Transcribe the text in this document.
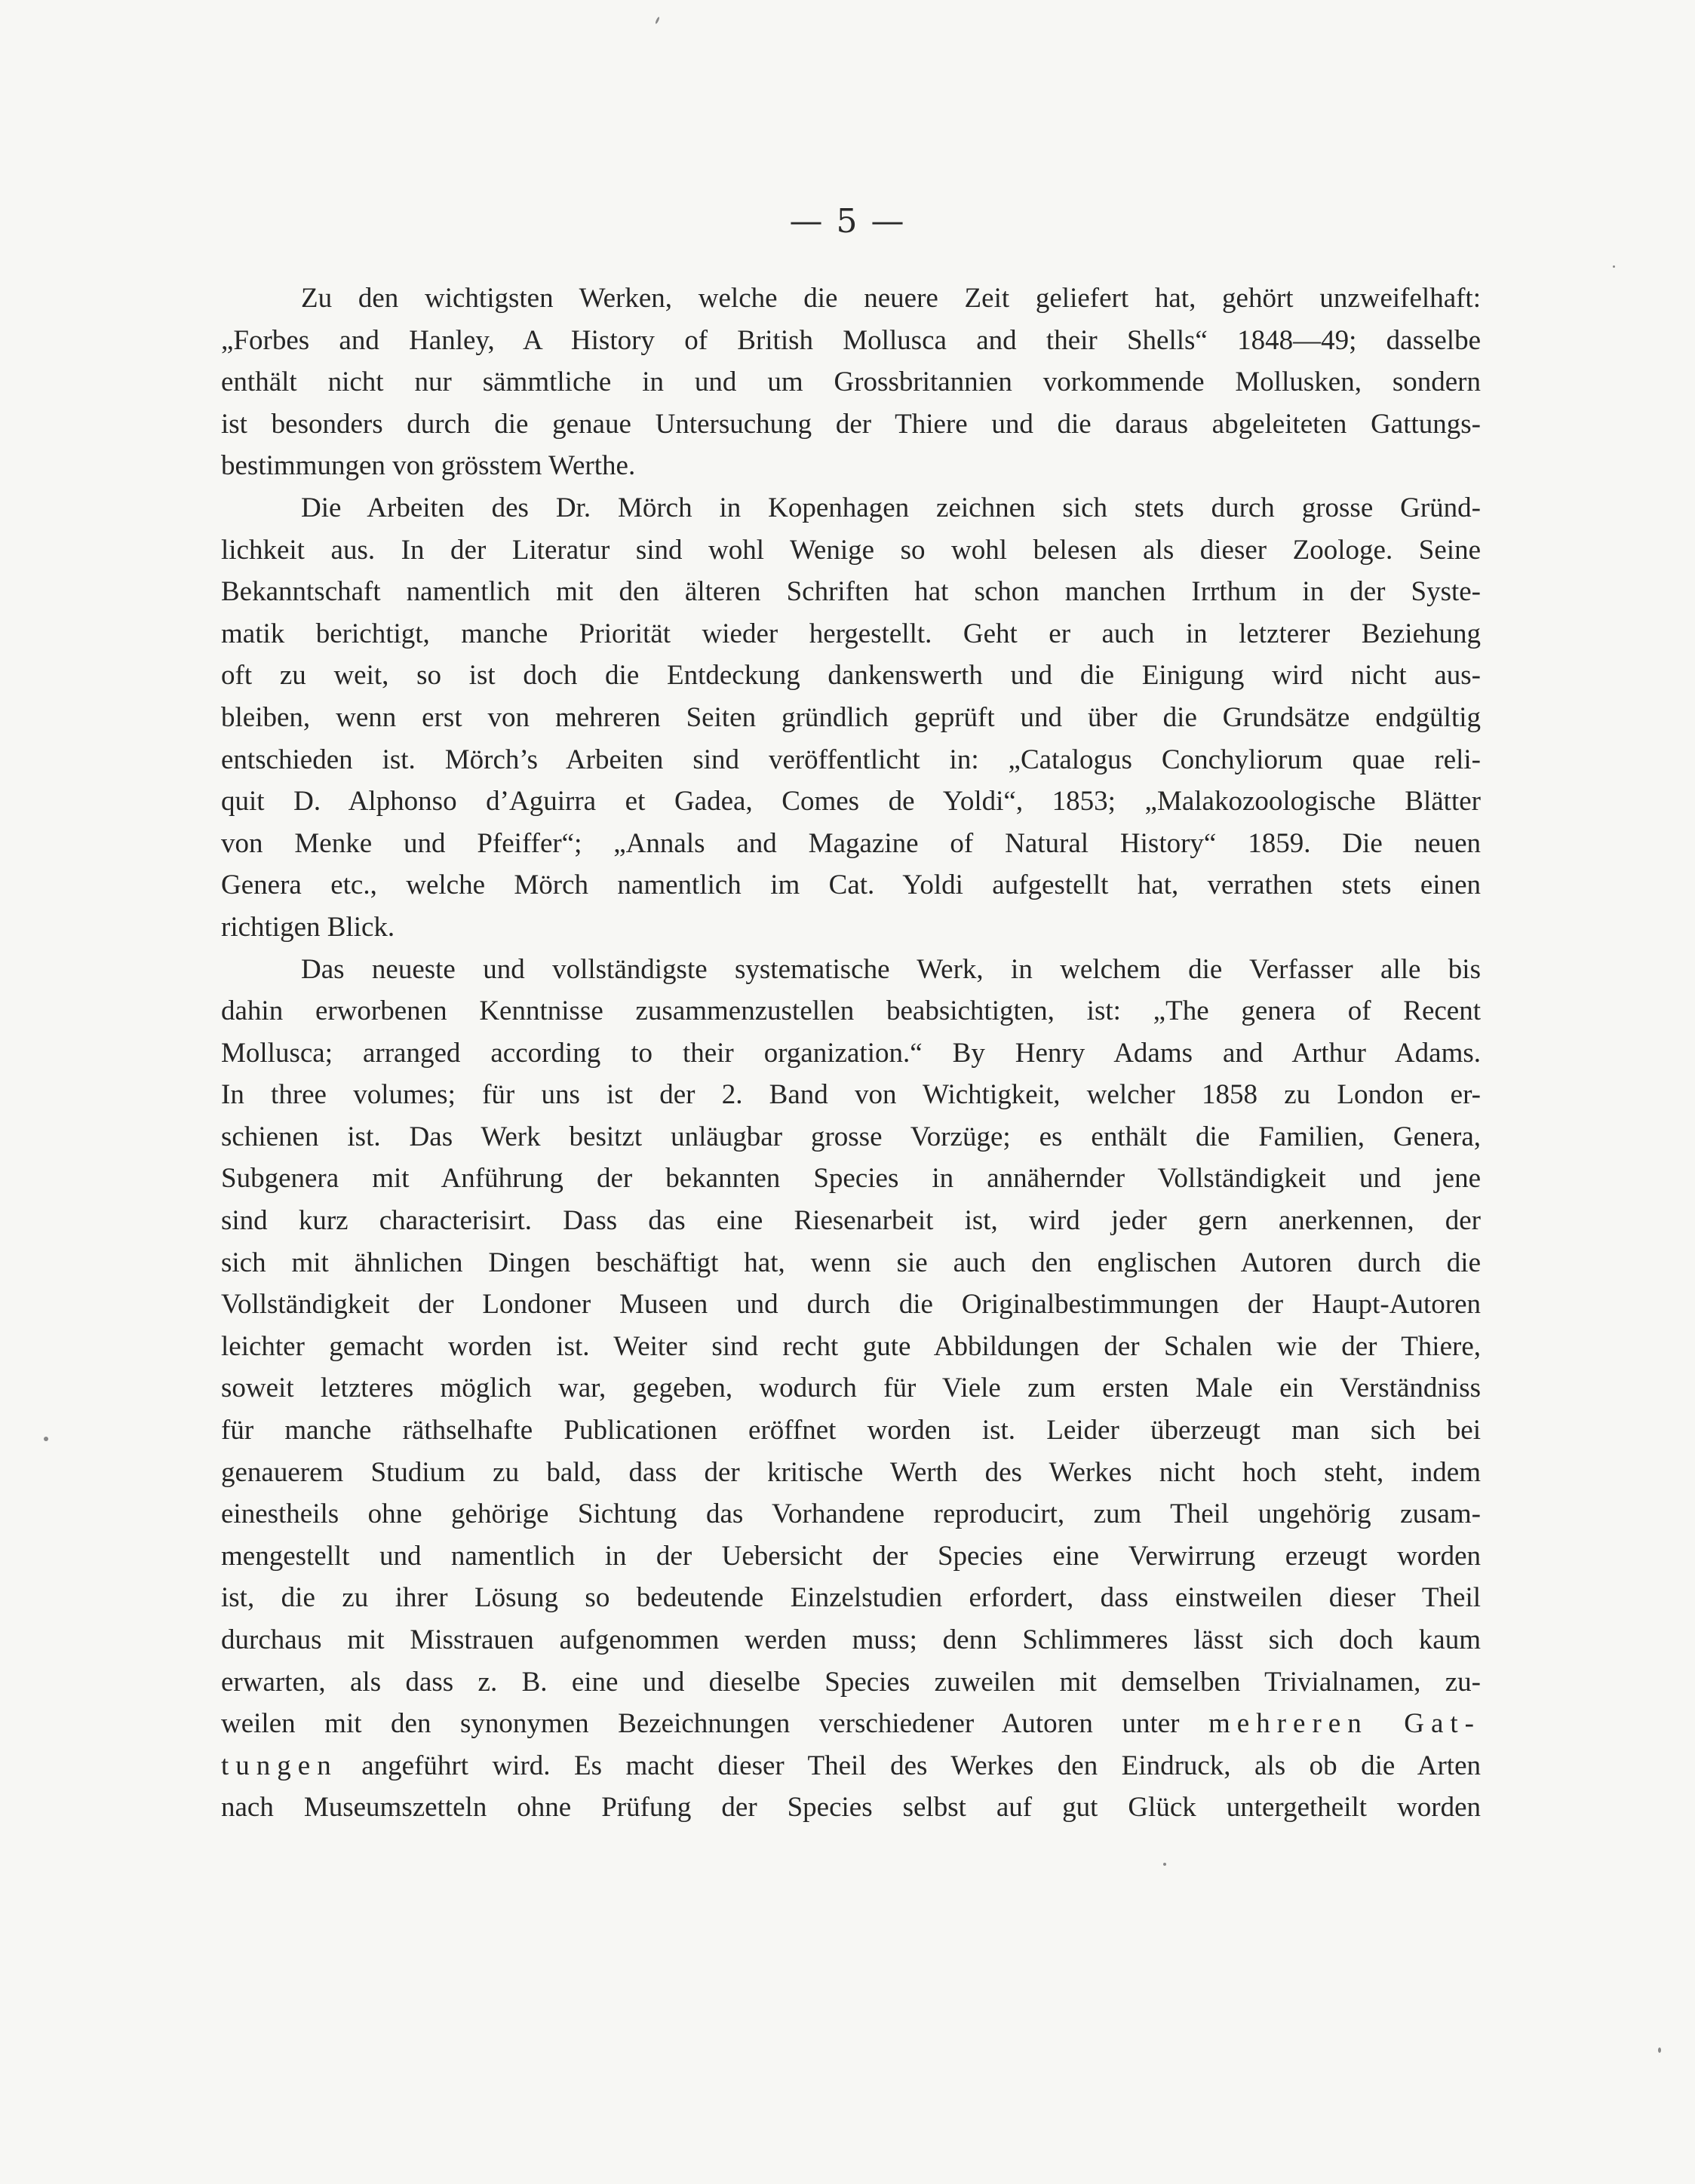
— 5 —
Zu den wichtigsten Werken, welche die neuere Zeit geliefert hat, gehört unzweifelhaft:
„Forbes and Hanley, A History of British Mollusca and their Shells“ 1848—49; dasselbe
enthält nicht nur sämmtliche in und um Grossbritannien vorkommende Mollusken, sondern
ist besonders durch die genaue Untersuchung der Thiere und die daraus abgeleiteten Gattungs-
bestimmungen von grösstem Werthe.
Die Arbeiten des Dr. Mörch in Kopenhagen zeichnen sich stets durch grosse Gründ-
lichkeit aus. In der Literatur sind wohl Wenige so wohl belesen als dieser Zoologe. Seine
Bekanntschaft namentlich mit den älteren Schriften hat schon manchen Irrthum in der Syste-
matik berichtigt, manche Priorität wieder hergestellt. Geht er auch in letzterer Beziehung
oft zu weit, so ist doch die Entdeckung dankenswerth und die Einigung wird nicht aus-
bleiben, wenn erst von mehreren Seiten gründlich geprüft und über die Grundsätze endgültig
entschieden ist. Mörch’s Arbeiten sind veröffentlicht in: „Catalogus Conchyliorum quae reli-
quit D. Alphonso d’Aguirra et Gadea, Comes de Yoldi“, 1853; „Malakozoologische Blätter
von Menke und Pfeiffer“; „Annals and Magazine of Natural History“ 1859. Die neuen
Genera etc., welche Mörch namentlich im Cat. Yoldi aufgestellt hat, verrathen stets einen
richtigen Blick.
Das neueste und vollständigste systematische Werk, in welchem die Verfasser alle bis
dahin erworbenen Kenntnisse zusammenzustellen beabsichtigten, ist: „The genera of Recent
Mollusca; arranged according to their organization.“ By Henry Adams and Arthur Adams.
In three volumes; für uns ist der 2. Band von Wichtigkeit, welcher 1858 zu London er-
schienen ist. Das Werk besitzt unläugbar grosse Vorzüge; es enthält die Familien, Genera,
Subgenera mit Anführung der bekannten Species in annähernder Vollständigkeit und jene
sind kurz characterisirt. Dass das eine Riesenarbeit ist, wird jeder gern anerkennen, der
sich mit ähnlichen Dingen beschäftigt hat, wenn sie auch den englischen Autoren durch die
Vollständigkeit der Londoner Museen und durch die Originalbestimmungen der Haupt-Autoren
leichter gemacht worden ist. Weiter sind recht gute Abbildungen der Schalen wie der Thiere,
soweit letzteres möglich war, gegeben, wodurch für Viele zum ersten Male ein Verständniss
für manche räthselhafte Publicationen eröffnet worden ist. Leider überzeugt man sich bei
genauerem Studium zu bald, dass der kritische Werth des Werkes nicht hoch steht, indem
einestheils ohne gehörige Sichtung das Vorhandene reproducirt, zum Theil ungehörig zusam-
mengestellt und namentlich in der Uebersicht der Species eine Verwirrung erzeugt worden
ist, die zu ihrer Lösung so bedeutende Einzelstudien erfordert, dass einstweilen dieser Theil
durchaus mit Misstrauen aufgenommen werden muss; denn Schlimmeres lässt sich doch kaum
erwarten, als dass z. B. eine und dieselbe Species zuweilen mit demselben Trivialnamen, zu-
weilen mit den synonymen Bezeichnungen verschiedener Autoren unter mehreren Gat-
tungen angeführt wird. Es macht dieser Theil des Werkes den Eindruck, als ob die Arten
nach Museumszetteln ohne Prüfung der Species selbst auf gut Glück untergetheilt worden
